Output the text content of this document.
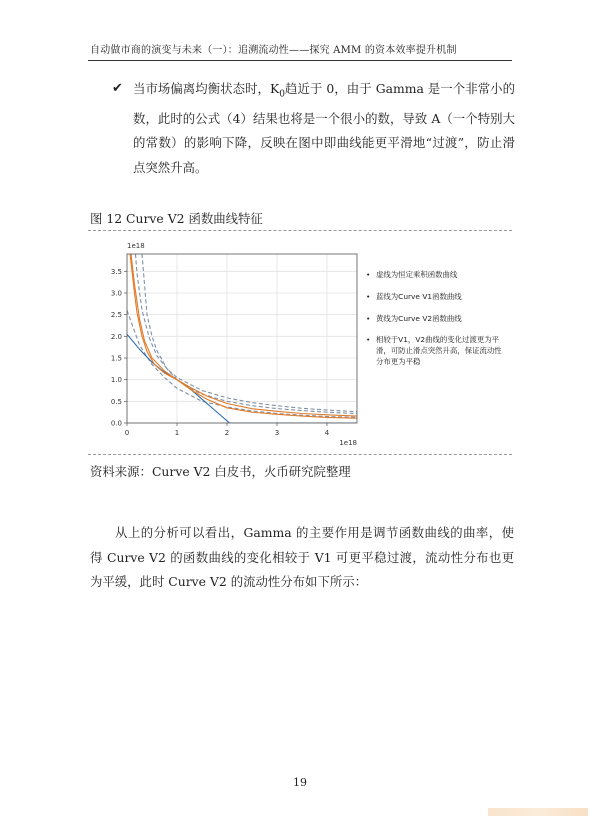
自动做市商的演变与未来（一）：追溯流动性——探究 AMM 的资本效率提升机制
✔ 当市场偏离均衡状态时，$K_0$趋近于 0，由于 Gamma 是一个非常小的数，此时的公式（4）结果也将是一个很小的数，导致 A（一个特别大的常数）的影响下降，反映在图中即曲线能更平滑地“过渡”，防止滑点突然升高。
图 12 Curve V2 函数曲线特征
0	1	2	3	4
0.0
0.5
1.0
1.5
2.0
2.5
3.0
3.5
1e18
1e18
• 虚线为恒定乘积函数曲线
• 蓝线为Curve V1函数曲线
• 黄线为Curve V2函数曲线
• 相较于V1，V2曲线的变化过渡更为平滑，可防止滑点突然升高，保证流动性分布更为平稳
资料来源：Curve V2 白皮书，火币研究院整理
从上的分析可以看出，Gamma 的主要作用是调节函数曲线的曲率，使得 Curve V2 的函数曲线的变化相较于 V1 可更平稳过渡，流动性分布也更为平缓，此时 Curve V2 的流动性分布如下所示：
19
